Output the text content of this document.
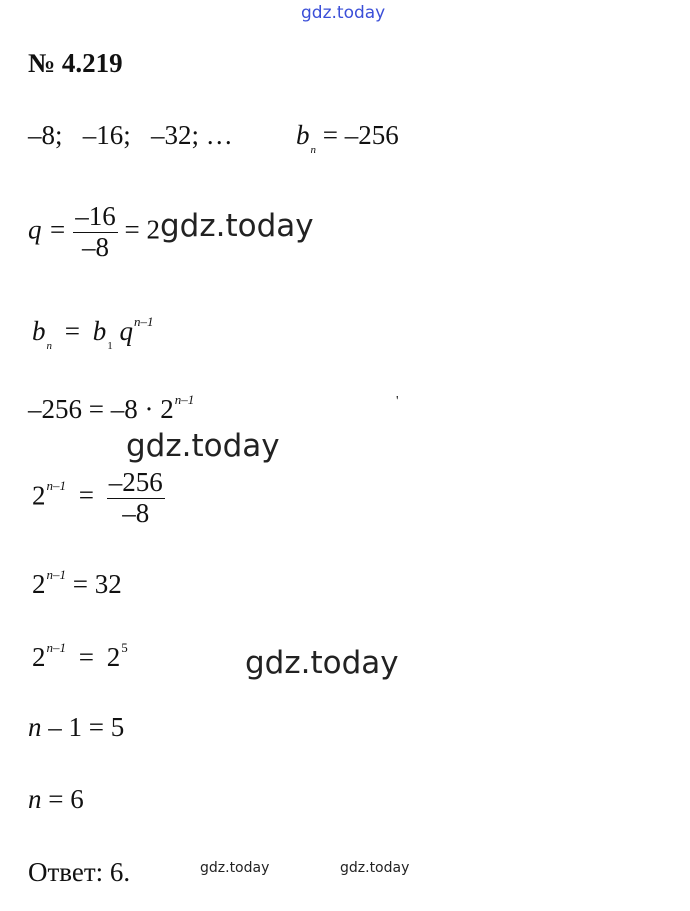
gdz.today
№ 4.219
–8;   –16;   –32; … $b_n = -256$
$q = \frac{-16}{-8}$ = 2gdz.today
$b_n = b_1$ $q^{n-1}$
$-256 = -8 \cdot 2^{n-1}$	'
gdz.today
$2^{n-1} = \frac{-256}{-8}$
$2^{n-1} = 32$
$2^{n-1} = 2^5$	gdz.today
n – 1 = 5
n = 6
Ответ: 6.	gdz.today	gdz.today
